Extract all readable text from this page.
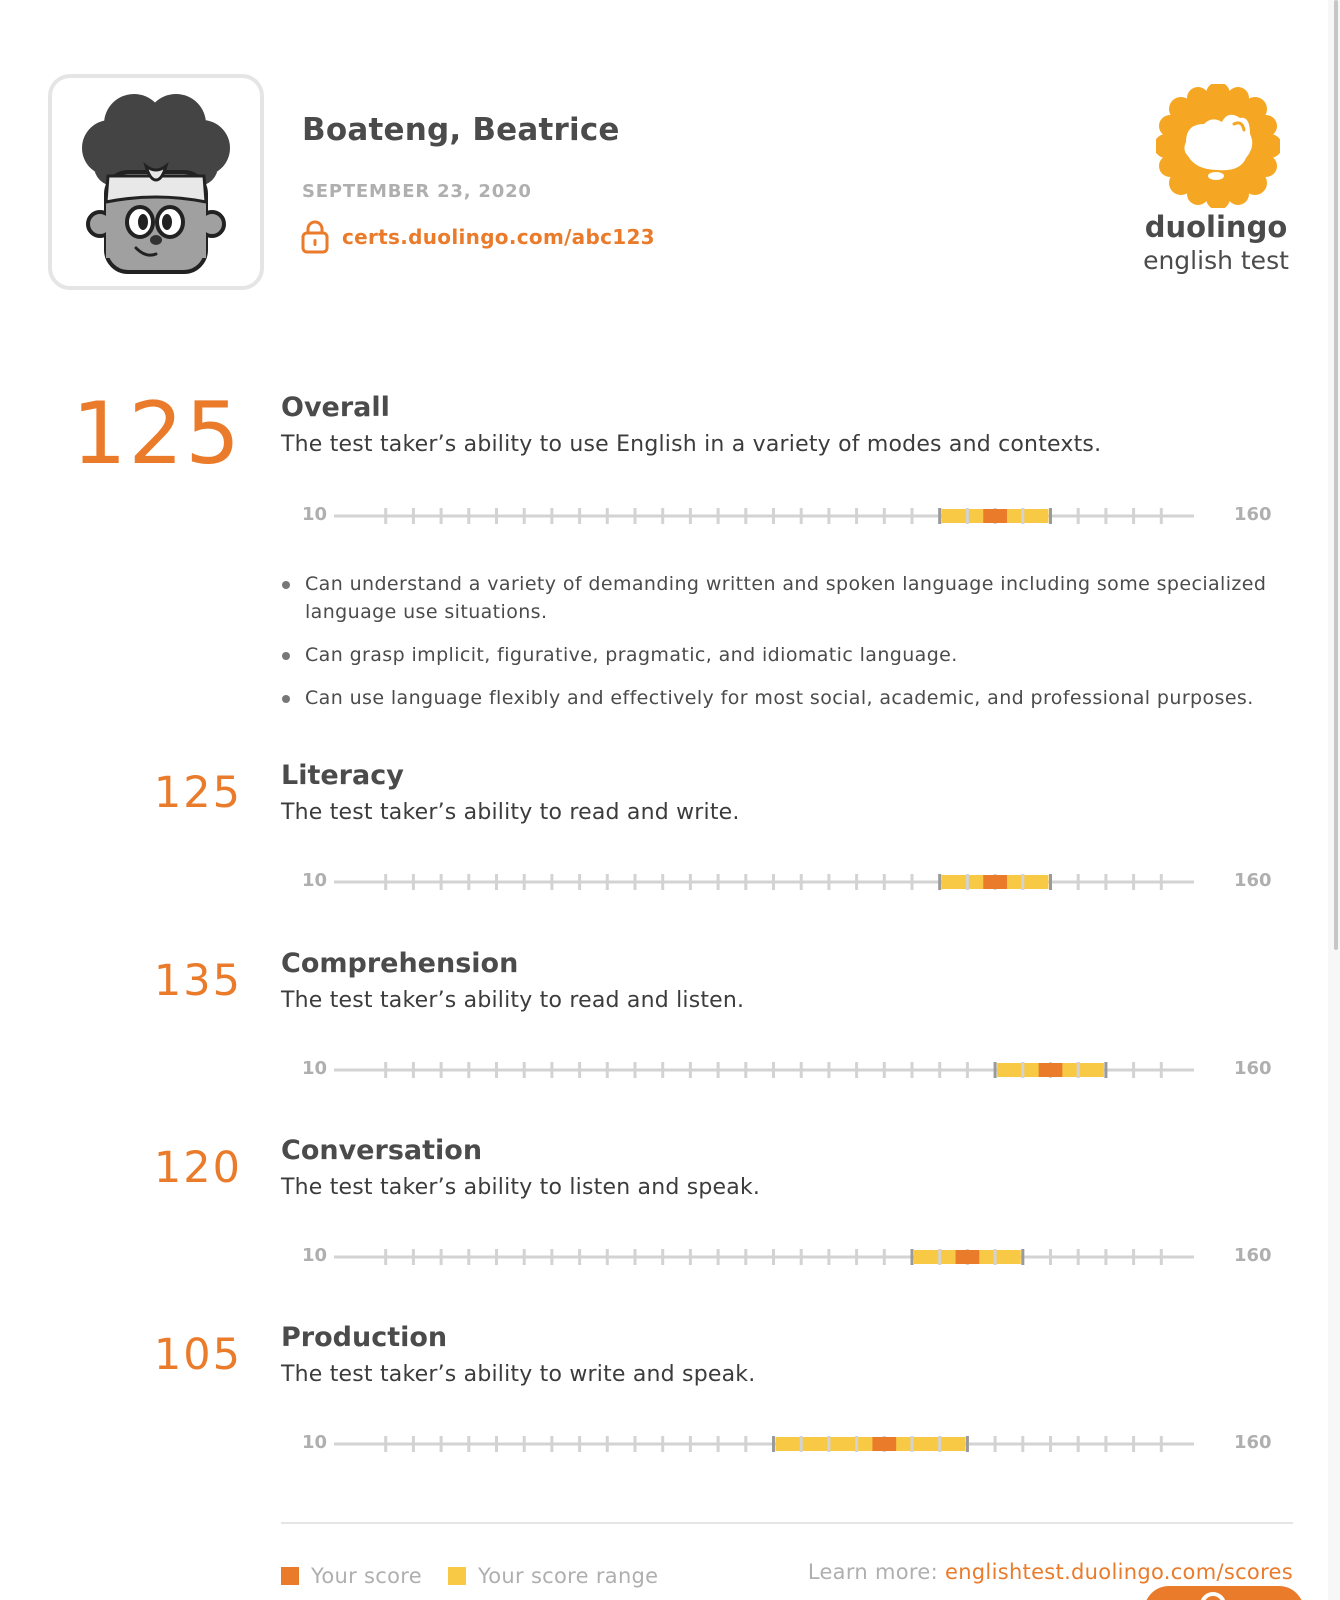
Boateng, Beatrice
SEPTEMBER 23, 2020
certs.duolingo.com/abc123	duolingo
english test
125 Overall
The test taker’s ability to use English in a variety of modes and contexts.
10	160
Can understand a variety of demanding written and spoken language including some specialized language use situations.
Can grasp implicit, figurative, pragmatic, and idiomatic language.
Can use language flexibly and effectively for most social, academic, and professional purposes.
125 Literacy
The test taker’s ability to read and write.
10	160
135 Comprehension
The test taker’s ability to read and listen.
10	160
120 Conversation
The test taker’s ability to listen and speak.
10	160
105 Production
The test taker’s ability to write and speak.
10	160
Your score	Your score range	Learn more: englishtest.duolingo.com/scores
